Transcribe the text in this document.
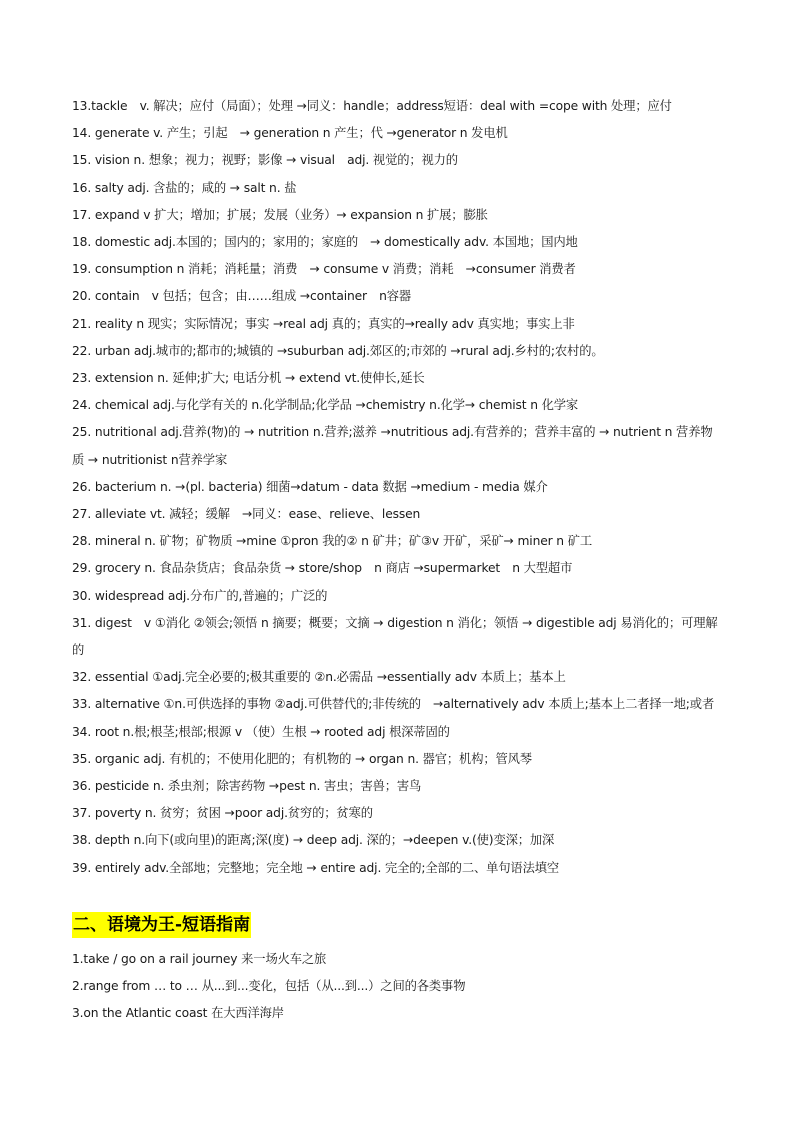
13.tackle　v. 解决；应付（局面）；处理 →同义：handle；address短语：deal with =cope with 处理；应付
14. generate v. 产生；引起　→ generation n 产生；代 →generator n 发电机
15. vision n. 想象；视力；视野；影像 → visual　adj. 视觉的；视力的
16. salty adj. 含盐的；咸的 → salt n. 盐
17. expand v 扩大；增加；扩展；发展（业务）→ expansion n 扩展；膨胀
18. domestic adj.本国的；国内的；家用的；家庭的　→ domestically adv. 本国地；国内地
19. consumption n 消耗；消耗量；消费　→ consume v 消费；消耗　→consumer 消费者
20. contain　v 包括；包含；由……组成 →container　n容器
21. reality n 现实；实际情况；事实 →real adj 真的；真实的→really adv 真实地；事实上非
22. urban adj.城市的;都市的;城镇的 →suburban adj.郊区的;市郊的 →rural adj.乡村的;农村的。
23. extension n. 延伸;扩大; 电话分机 → extend vt.使伸长,延长
24. chemical adj.与化学有关的 n.化学制品;化学品 →chemistry n.化学→ chemist n 化学家
25. nutritional adj.营养(物)的 → nutrition n.营养;滋养 →nutritious adj.有营养的；营养丰富的 → nutrient n 营养物质 → nutritionist n营养学家
26. bacterium n. →(pl. bacteria) 细菌→datum - data 数据 →medium - media 媒介
27. alleviate vt. 减轻；缓解　→同义：ease、relieve、lessen
28. mineral n. 矿物；矿物质 →mine ①pron 我的② n 矿井；矿③v 开矿，采矿→ miner n 矿工
29. grocery n. 食品杂货店；食品杂货 → store/shop　n 商店 →supermarket　n 大型超市
30. widespread adj.分布广的,普遍的；广泛的
31. digest　v ①消化 ②领会;领悟 n 摘要；概要；文摘 → digestion n 消化；领悟 → digestible adj 易消化的；可理解的
32. essential ①adj.完全必要的;极其重要的 ②n.必需品 →essentially adv 本质上；基本上
33. alternative ①n.可供选择的事物 ②adj.可供替代的;非传统的　→alternatively adv 本质上;基本上二者择一地;或者
34. root n.根;根茎;根部;根源 v （使）生根 → rooted adj 根深蒂固的
35. organic adj. 有机的；不使用化肥的；有机物的 → organ n. 器官；机构；管风琴
36. pesticide n. 杀虫剂；除害药物 →pest n. 害虫；害兽；害鸟
37. poverty n. 贫穷；贫困 →poor adj.贫穷的；贫寒的
38. depth n.向下(或向里)的距离;深(度) → deep adj. 深的；→deepen v.(使)变深；加深
39. entirely adv.全部地；完整地；完全地 → entire adj. 完全的;全部的二、单句语法填空
二、语境为王-短语指南
1.take / go on a rail journey 来一场火车之旅
2.range from … to … 从...到...变化，包括（从...到...）之间的各类事物
3.on the Atlantic coast 在大西洋海岸
